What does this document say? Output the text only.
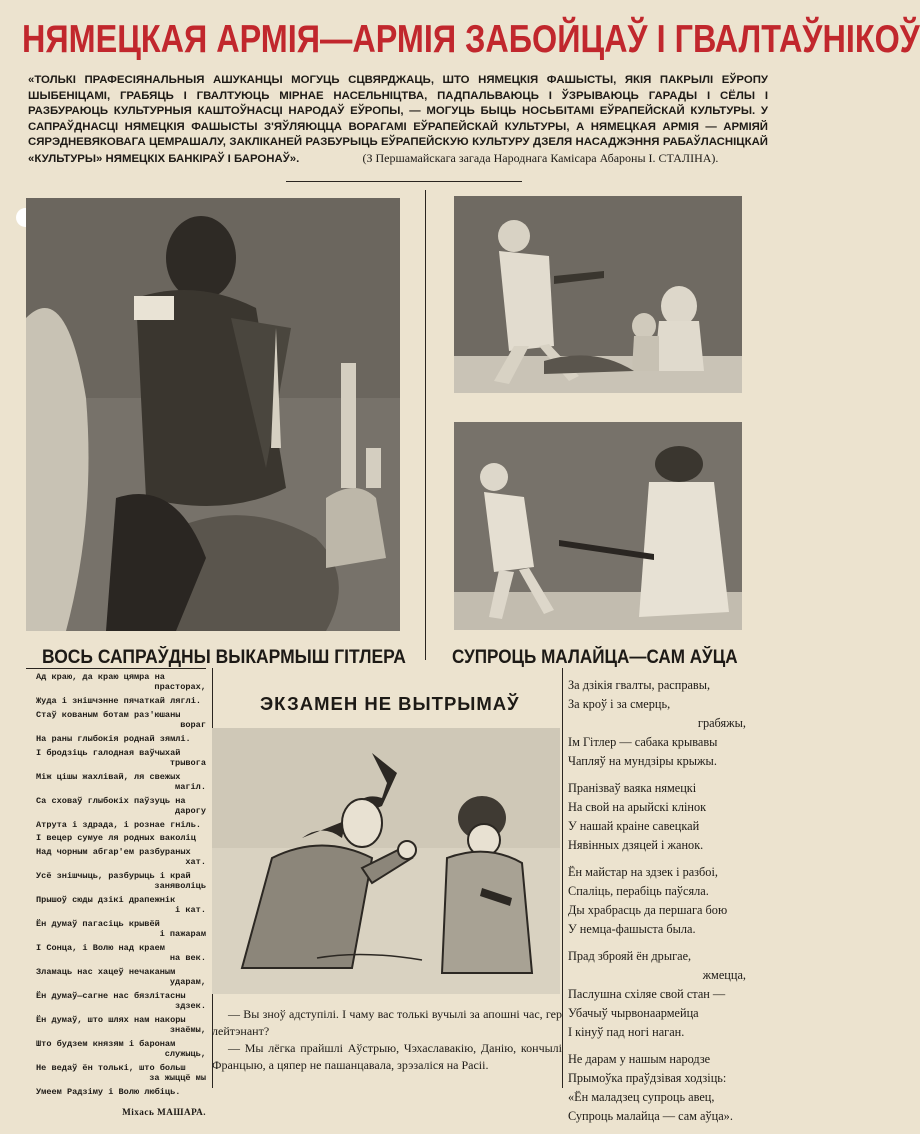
НЯМЕЦКАЯ АРМІЯ—АРМІЯ ЗАБОЙЦАЎ І ГВАЛТАЎНІКОЎ
«ТОЛЬКІ ПРАФЕСІЯНАЛЬНЫЯ АШУКАНЦЫ МОГУЦЬ СЦВЯРДЖАЦЬ, ШТО НЯМЕЦКІЯ ФАШЫСТЫ, ЯКІЯ ПАКРЫЛІ ЕЎРОПУ ШЫБЕНІЦАМІ, ГРАБЯЦЬ І ГВАЛТУЮЦЬ МІРНАЕ НАСЕЛЬНІЦТВА, ПАДПАЛЬВАЮЦЬ І ЎЗРЫВАЮЦЬ ГАРАДЫ І СЁЛЫ І РАЗБУРАЮЦЬ КУЛЬТУРНЫЯ КАШТОЎНАСЦІ НАРОДАЎ ЕЎРОПЫ, — МОГУЦЬ БЫЦЬ НОСЬБІТАМІ ЕЎРАПЕЙСКАЙ КУЛЬТУРЫ. У САПРАЎДНАСЦІ НЯМЕЦКІЯ ФАШЫСТЫ З'ЯЎЛЯЮЦЦА ВОРАГАМІ ЕЎРАПЕЙСКАЙ КУЛЬТУРЫ, А НЯМЕЦКАЯ АРМІЯ — АРМІЯЙ СЯРЭДНЕВЯКОВАГА ЦЕМРАШАЛУ, ЗАКЛІКАНЕЙ РАЗБУРЫЦЬ ЕЎРАПЕЙСКУЮ КУЛЬТУРУ ДЗЕЛЯ НАСАДЖЭННЯ РАБАЎЛАСНІЦКАЙ «КУЛЬТУРЫ» НЯМЕЦКІХ БАНКІРАЎ І БАРОНАЎ».	(З Першамайскага загада Народнага Камісара Абароны І. СТАЛІНА).
ВОСЬ САПРАЎДНЫ ВЫКАРМЫШ ГІТЛЕРА СУПРОЦЬ МАЛАЙЦА—САМ АЎЦА

Ад краю, да краю цямра на
прасторах,

Жуда і знішчэнне пячаткай ляглі.

Стаў кованым ботам раз'юшаны
вораг

На раны глыбокія роднай зямлі.

І бродзіць галодная ваўчыхай
трывога

Між цішы жахлівай, ля свежых
магіл.

Са сховаў глыбокіх паўзуць на
дарогу

Атрута і здрада, і рознае гніль.

І вецер сумуе ля родных ваколіц

Над чорным абгар'ем разбураных
хат.

Усё знішчыць, разбурыць і край
заняволіць

Прышоў сюды дзікі драпежнік
і кат.

Ён думаў пагасіць крывёй
і пажарам

І Сонца, і Волю над краем
на век.

Зламаць нас хацеў нечаканым
ударам,

Ён думаў—сагне нас бязлітасны
здзек.

Ён думаў, што шлях нам накоры
знаёмы,

Што будзем князям і баронам
служыць,

Не ведаў ён толькі, што больш
за жыццё мы

Умеем Радзіму і Волю любіць.

Міхась МАШАРА.
ЭКЗАМЕН НЕ ВЫТРЫМАЎ

— Вы зноў адступілі. І чаму вас толькі вучылі за апошні час, гер лейтэнант?

— Мы лёгка прайшлі Аўстрыю, Чэхаславакію, Данію, кончылі Францыю, а цяпер не пашанцавала, зрэзаліся на Расіі.

За дзікія гвалты, расправы,

За кроў і за смерць,
грабяжы,

Ім Гітлер — сабака крывавы

Чапляў на мундзіры крыжы.

Пранізваў ваяка нямецкі

На свой на арыйскі клінок

У нашай краіне савецкай

Нявінных дзяцей і жанок.

Ён майстар на здзек і разбоі,

Спаліць, перабіць паўсяла.

Ды храбрасць да першага бою

У немца-фашыста была.

Прад зброяй ён дрыгае,
жмецца,

Паслушна схіляе свой стан —

Убачыў чырвонаармейца

І кінуў пад ногі наган.

Не дарам у нашым народзе

Прымоўка праўдзівая ходзіць:

«Ён маладзец супроць авец,

Супроць малайца — сам аўца».
